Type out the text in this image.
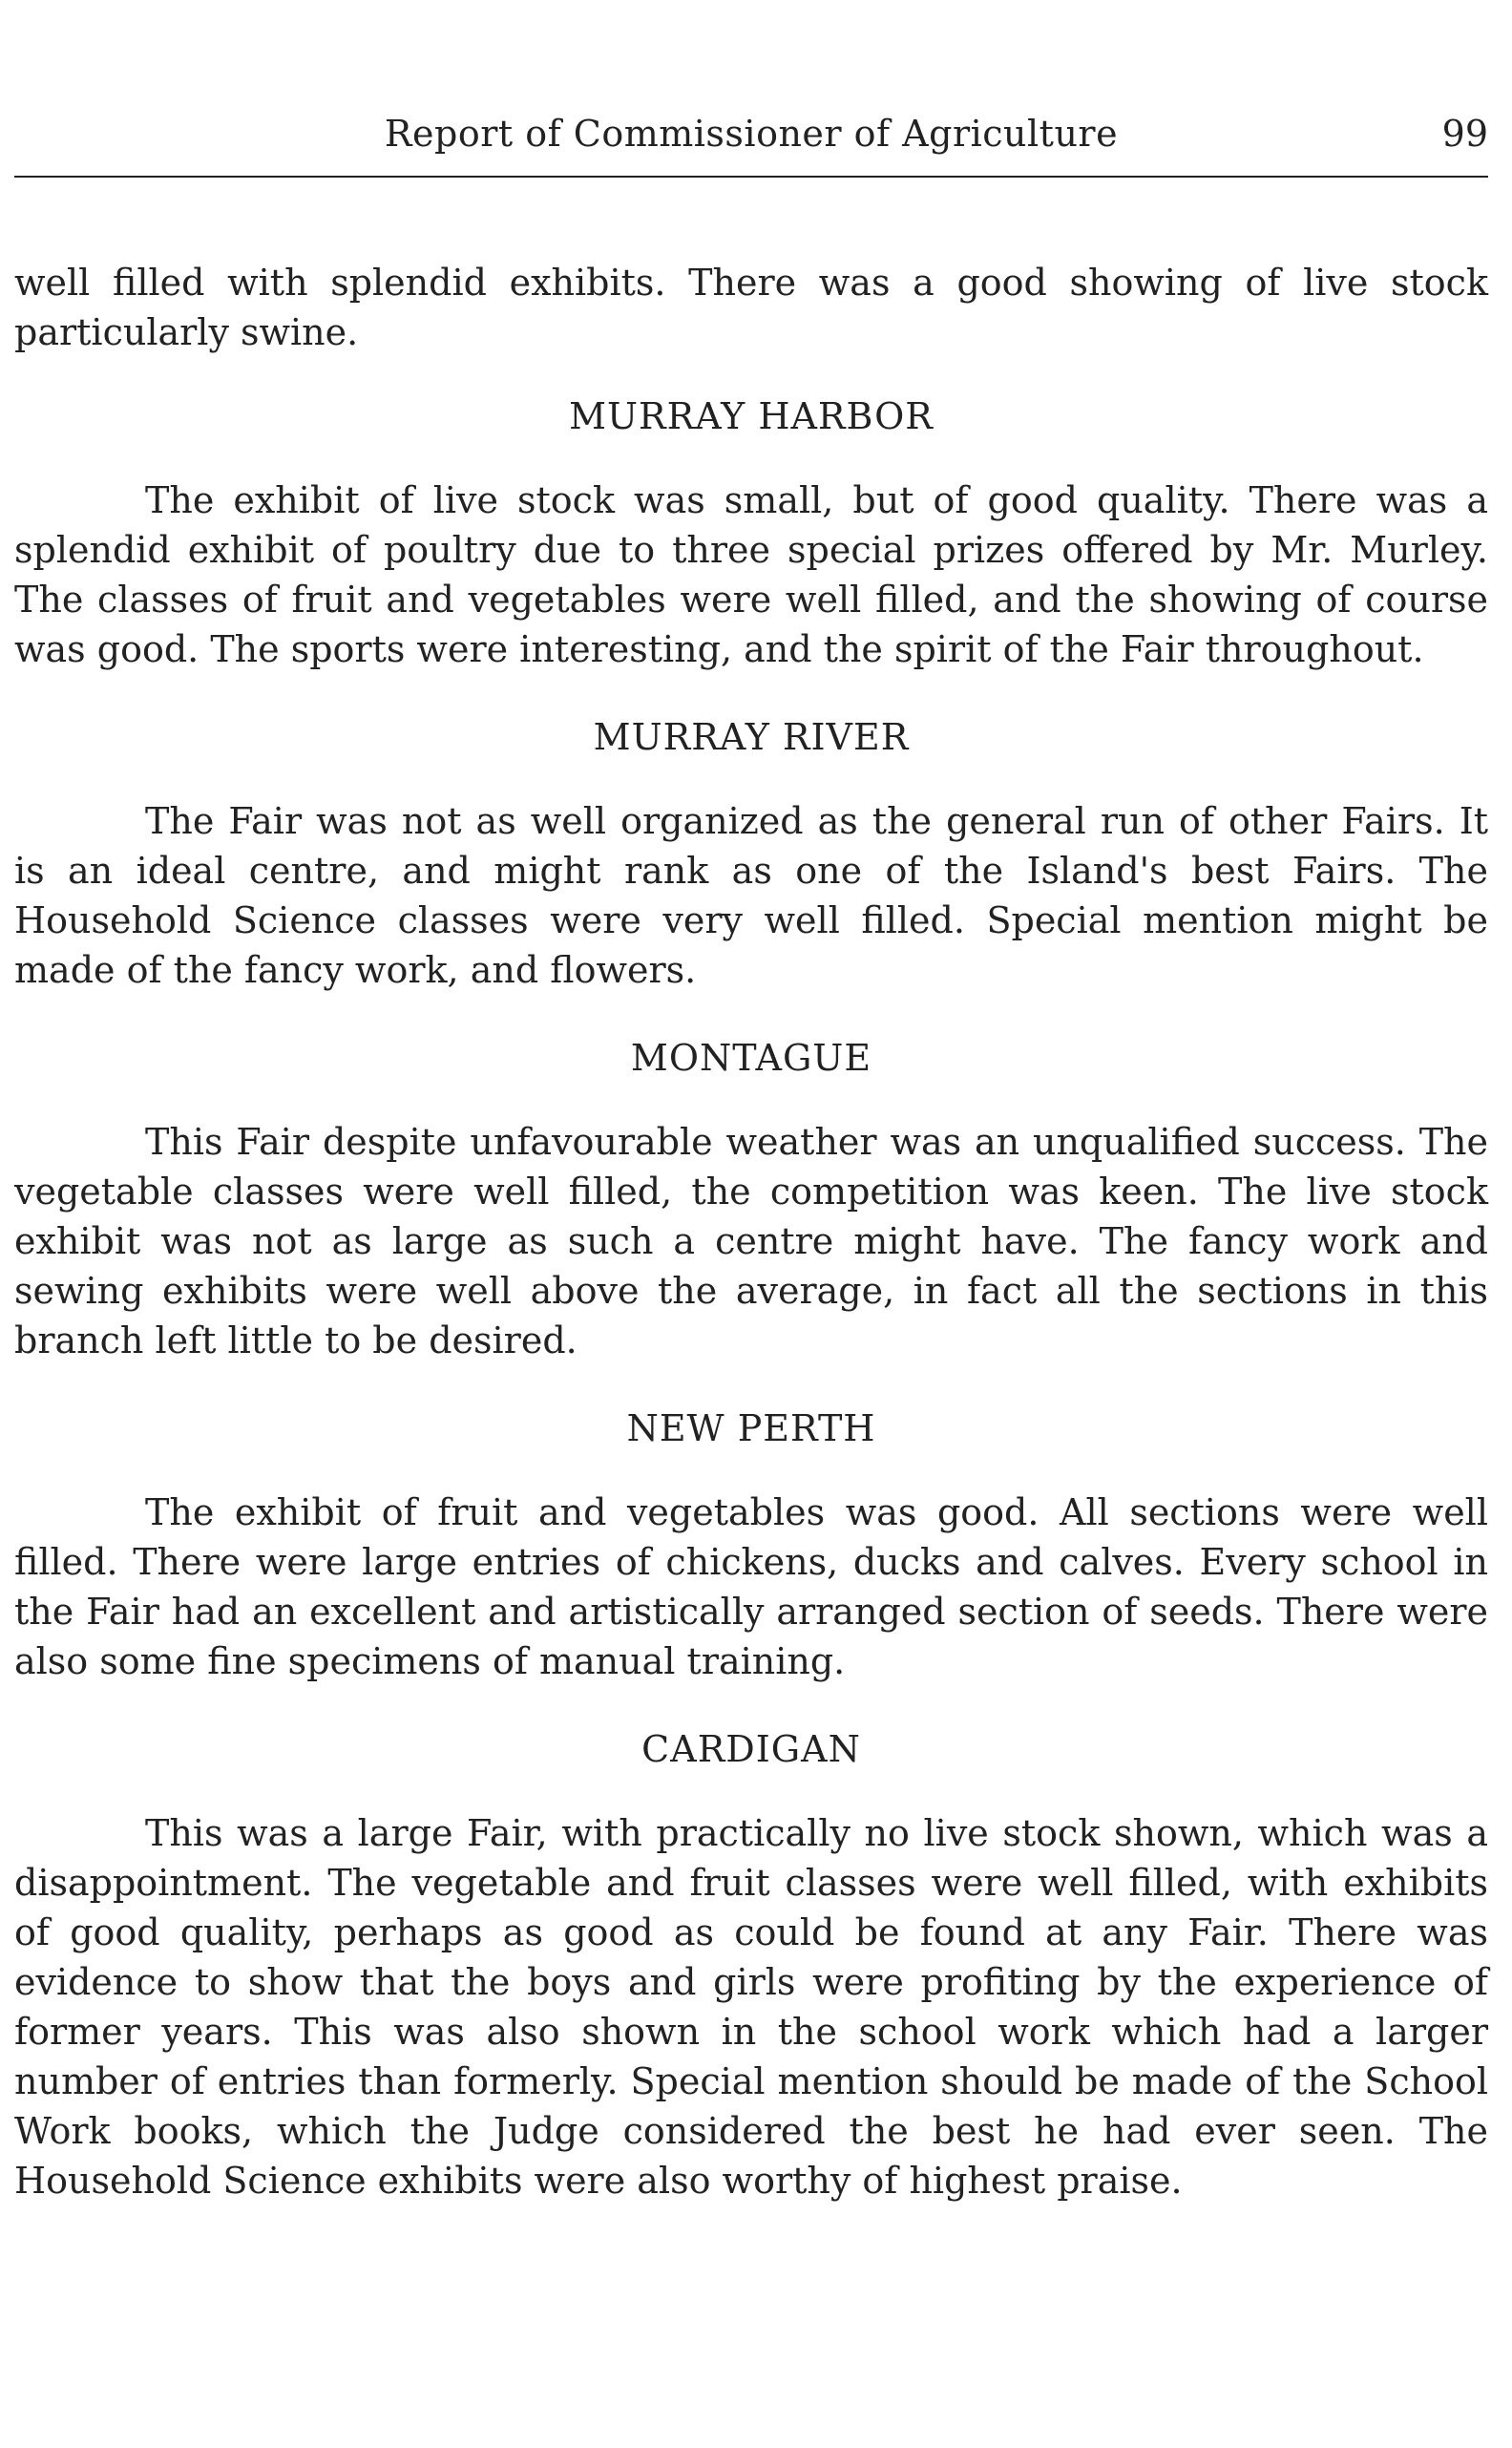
Report of Commissioner of Agriculture	99

well filled with splendid exhibits. There was a good showing of live stock particularly swine.

MURRAY HARBOR

The exhibit of live stock was small, but of good quality. There was a splendid exhibit of poultry due to three special prizes offered by Mr. Murley. The classes of fruit and vegetables were well filled, and the showing of course was good. The sports were interesting, and the spirit of the Fair throughout.

MURRAY RIVER

The Fair was not as well organized as the general run of other Fairs. It is an ideal centre, and might rank as one of the Island's best Fairs. The Household Science classes were very well filled. Special mention might be made of the fancy work, and flowers.

MONTAGUE

This Fair despite unfavourable weather was an unqualified success. The vegetable classes were well filled, the competition was keen. The live stock exhibit was not as large as such a centre might have. The fancy work and sewing exhibits were well above the average, in fact all the sections in this branch left little to be desired.

NEW PERTH

The exhibit of fruit and vegetables was good. All sections were well filled. There were large entries of chickens, ducks and calves. Every school in the Fair had an excellent and artistically arranged section of seeds. There were also some fine specimens of manual training.

CARDIGAN

This was a large Fair, with practically no live stock shown, which was a disappointment. The vegetable and fruit classes were well filled, with exhibits of good quality, perhaps as good as could be found at any Fair. There was evidence to show that the boys and girls were profiting by the experience of former years. This was also shown in the school work which had a larger number of entries than formerly. Special mention should be made of the School Work books, which the Judge considered the best he had ever seen. The Household Science exhibits were also worthy of highest praise.
